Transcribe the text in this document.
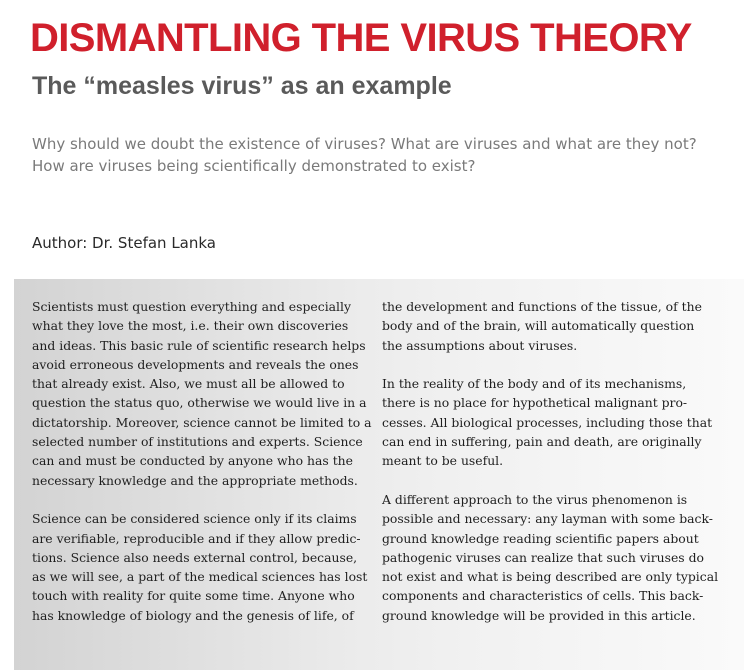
DISMANTLING THE VIRUS THEORY
The “measles virus” as an example

Why should we doubt the existence of viruses? What are viruses and what are they not?
How are viruses being scientifically demonstrated to exist?

Author: Dr. Stefan Lanka

Scientists must question everything and especially
what they love the most, i.e. their own discoveries
and ideas. This basic rule of scientific research helps
avoid erroneous developments and reveals the ones
that already exist. Also, we must all be allowed to
question the status quo, otherwise we would live in a
dictatorship. Moreover, science cannot be limited to a
selected number of institutions and experts. Science
can and must be conducted by anyone who has the
necessary knowledge and the appropriate methods.
Science can be considered science only if its claims
are verifiable, reproducible and if they allow predic-
tions. Science also needs external control, because,
as we will see, a part of the medical sciences has lost
touch with reality for quite some time. Anyone who
has knowledge of biology and the genesis of life, of
the development and functions of the tissue, of the
body and of the brain, will automatically question
the assumptions about viruses.
In the reality of the body and of its mechanisms,
there is no place for hypothetical malignant pro-
cesses. All biological processes, including those that
can end in suffering, pain and death, are originally
meant to be useful.
A different approach to the virus phenomenon is
possible and necessary: any layman with some back-
ground knowledge reading scientific papers about
pathogenic viruses can realize that such viruses do
not exist and what is being described are only typical
components and characteristics of cells. This back-
ground knowledge will be provided in this article.
